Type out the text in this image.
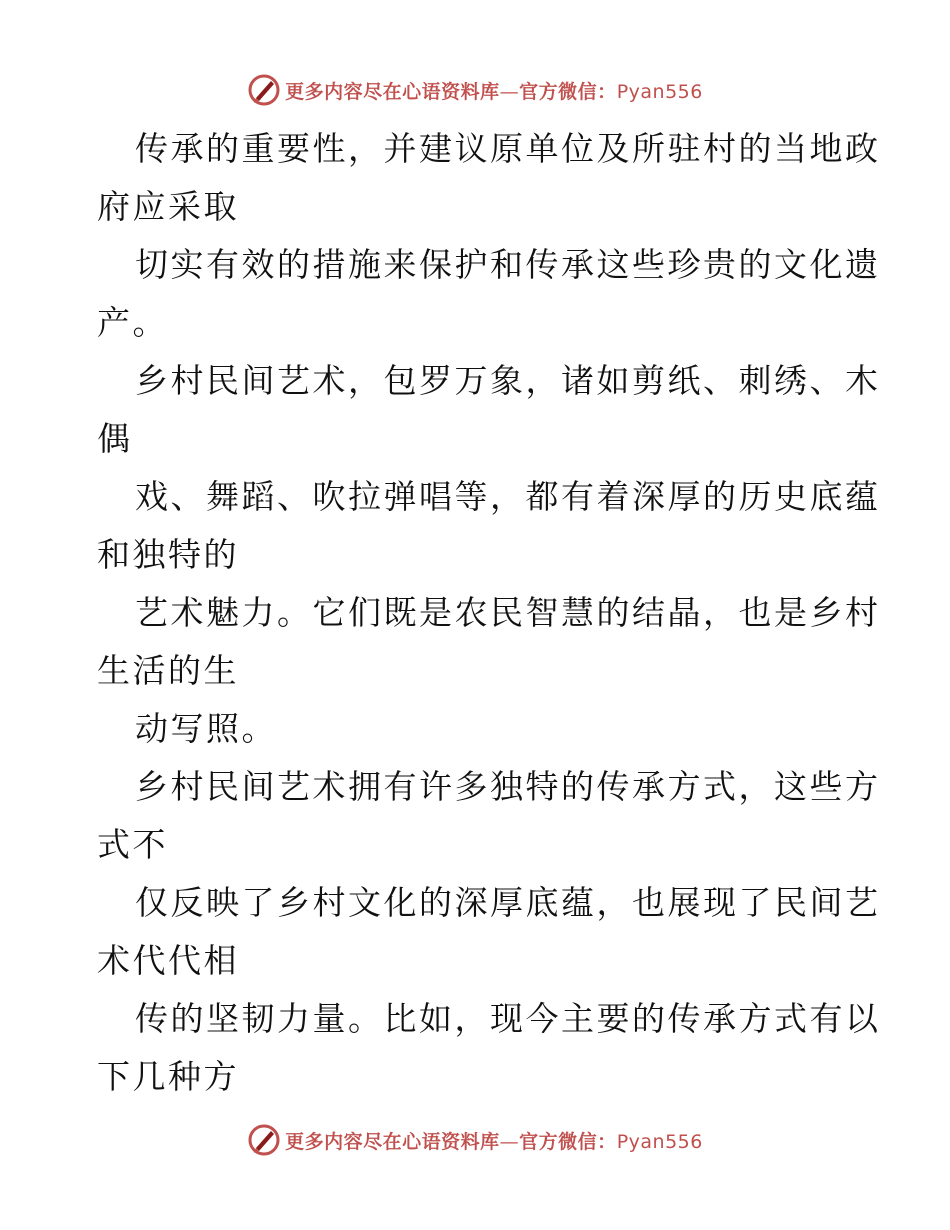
更多内容尽在心语资料库—官方微信：Pyan556
传承的重要性，并建议原单位及所驻村的当地政
府应采取
切实有效的措施来保护和传承这些珍贵的文化遗
产。
乡村民间艺术，包罗万象，诸如剪纸、刺绣、木
偶
戏、舞蹈、吹拉弹唱等，都有着深厚的历史底蕴
和独特的
艺术魅力。它们既是农民智慧的结晶，也是乡村
生活的生
动写照。
乡村民间艺术拥有许多独特的传承方式，这些方
式不
仅反映了乡村文化的深厚底蕴，也展现了民间艺
术代代相
传的坚韧力量。比如，现今主要的传承方式有以
下几种方
更多内容尽在心语资料库—官方微信：Pyan556
